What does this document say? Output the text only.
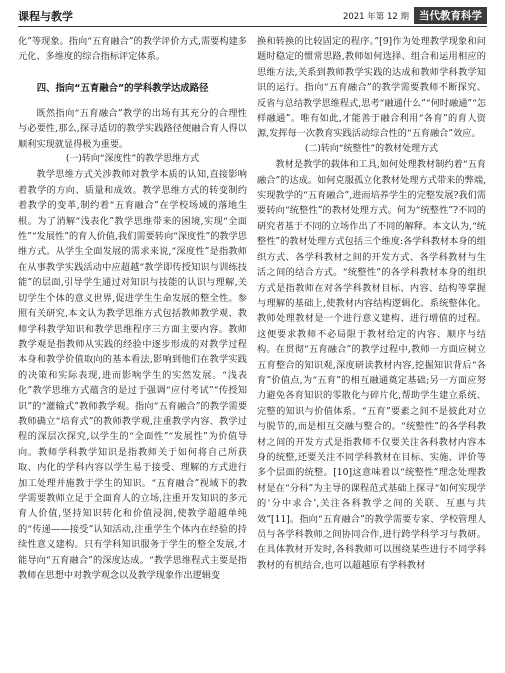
课程与教学	2021 年第 12 期 当代教育科学

化”等现象。指向“五育融合”的教学评价方式,需要构建多元化、多维度的综合指标评定体系。

四、指向“五育融合”的学科教学达成路径

既然指向“五育融合”教学的出场有其充分的合理性与必要性,那么,探寻适切的教学实践路径便融合育人得以顺利实现就显得极为重要。

(一)转向“深度性”的教学思维方式

教学思维方式关涉教师对教学本质的认知,直接影响着教学的方向、质量和成效。教学思维方式的转变制约着教学的变革,制约着“五育融合”在学校场域的落地生根。为了消解“浅表化”教学思维带来的困境,实现“全面性”“发展性”的育人价值,我们需要转向“深度性”的教学思维方式。从学生全面发展的需求来说,“深度性”是指教师在从事教学实践活动中应超越“教学即传授知识与训练技能”的层面,引导学生通过对知识与技能的认识与理解,关切学生个体的意义世界,促进学生生命发展的整全性。参照有关研究,本文认为教学思维方式包括教师教学观、教师学科教学知识和教学思维程序三方面主要内容。教师教学观是指教师从实践的经验中逐步形成的对教学过程本身和教学价值取向的基本看法,影响到他们在教学实践的决策和实际表现,进而影响学生的实然发展。“浅表化”教学思维方式蕴含的是过于强调“应付考试”“传授知识”的“灌输式”教师教学观。指向“五育融合”的教学需要教师确立“培育式”的教师教学观,注重教学内容、教学过程的深层次探究,以学生的“全面性”“发展性”为价值导向。教师学科教学知识是指教师关于如何将自己所获取、内化的学科内容以学生易于接受、理解的方式进行加工处理并施教于学生的知识。“五育融合”视域下的教学需要教师立足于全面育人的立场,注重开发知识的多元育人价值,坚持知识转化和价值浸润,使教学超越单纯的“传递——接受”认知活动,注重学生个体内在经验的持续性意义建构。只有学科知识服务于学生的整全发展,才能导向“五育融合”的深度达成。“教学思维程式主要是指教师在思想中对教学观念以及教学现象作出逻辑变

换和转换的比较固定的程序。”[9]作为处理教学现象和问题时稳定的惯常思路,教师如何选择、组合和运用相应的思维方法,关系到教师教学实践的达成和教师学科教学知识的运行。指向“五育融合”的教学需要教师不断探究、反省与总结教学思维程式,思考“融通什么”“何时融通”“怎样融通”。唯有如此,才能善于融合利用“各育”的育人资源,发挥每一次教育实践活动综合性的“五育融合”效应。

(二)转向“统整性”的教材处理方式

教材是教学的载体和工具,如何处理教材制约着“五育融合”的达成。如何克服孤立化教材处理方式带来的弊端,实现教学的“五育融合”,进而培养学生的完整发展?我们需要转向“统整性”的教材处理方式。何为“统整性”?不同的研究者基于不同的立场作出了不同的解释。本文认为,“统整性”的教材处理方式包括三个维度:各学科教材本身的组织方式、各学科教材之间的开发方式、各学科教材与生活之间的结合方式。“统整性”的各学科教材本身的组织方式是指教师在对各学科教材目标、内容、结构等掌握与理解的基础上,使教材内容结构逻辑化、系统整体化。教师处理教材是一个进行意义建构、进行增值的过程。这便要求教师不必局限于教材给定的内容、顺序与结构。在贯彻“五育融合”的教学过程中,教师一方面应树立五育整合的知识观,深度研读教材内容,挖掘知识背后“各育”价值点,为“五育”的相互融通奠定基础;另一方面应努力避免各育知识的零散化与碎片化,帮助学生建立系统、完整的知识与价值体系。“五育”要素之间不是彼此对立与脱节的,而是相互交融与整合的。“统整性”的各学科教材之间的开发方式是指教师不仅要关注各科教材内容本身的统整,还要关注不同学科教材在目标、实施、评价等多个层面的统整。[10]这意味着以“统整性”理念处理教材是在“分科”为主导的课程范式基础上探寻“如何实现学的‘分中求合’,关注各科教学之间的关联、互惠与共效”[11]。指向“五育融合”的教学需要专家、学校管理人员与各学科教师之间协同合作,进行跨学科学习与教研。在具体教材开发时,各科教师可以围绕某些进行不同学科教材的有机结合,也可以超越原有学科教材
